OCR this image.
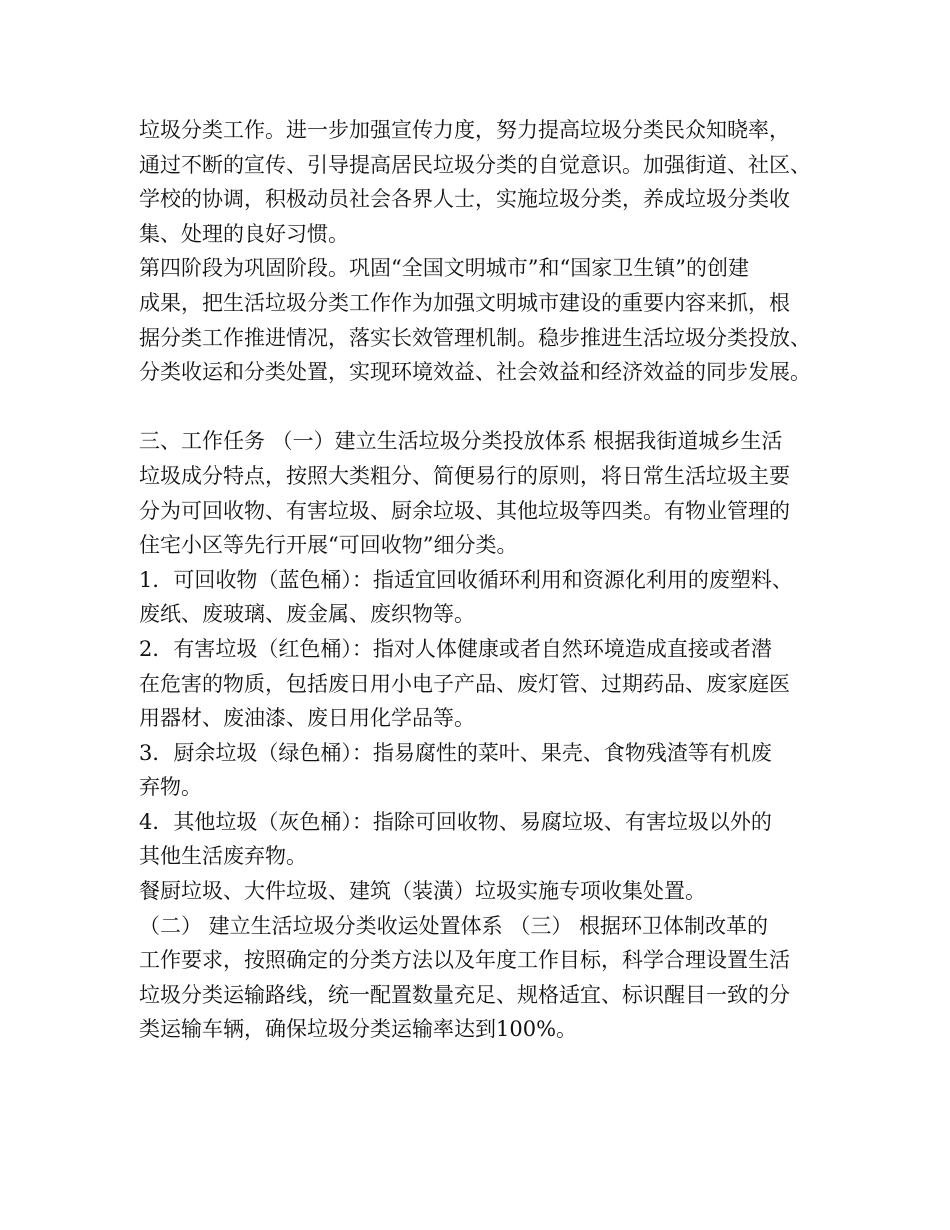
垃圾分类工作。进一步加强宣传力度，努力提高垃圾分类民众知晓率，
通过不断的宣传、引导提高居民垃圾分类的自觉意识。加强街道、社区、
学校的协调，积极动员社会各界人士，实施垃圾分类，养成垃圾分类收
集、处理的良好习惯。
第四阶段为巩固阶段。巩固“全国文明城市”和“国家卫生镇”的创建
成果，把生活垃圾分类工作作为加强文明城市建设的重要内容来抓，根
据分类工作推进情况，落实长效管理机制。稳步推进生活垃圾分类投放、
分类收运和分类处置，实现环境效益、社会效益和经济效益的同步发展。
三、工作任务 （一）建立生活垃圾分类投放体系 根据我街道城乡生活
垃圾成分特点，按照大类粗分、简便易行的原则，将日常生活垃圾主要
分为可回收物、有害垃圾、厨余垃圾、其他垃圾等四类。有物业管理的
住宅小区等先行开展“可回收物”细分类。
1．可回收物（蓝色桶）：指适宜回收循环利用和资源化利用的废塑料、
废纸、废玻璃、废金属、废织物等。
2．有害垃圾（红色桶）：指对人体健康或者自然环境造成直接或者潜
在危害的物质，包括废日用小电子产品、废灯管、过期药品、废家庭医
用器材、废油漆、废日用化学品等。
3．厨余垃圾（绿色桶）：指易腐性的菜叶、果壳、食物残渣等有机废
弃物。
4．其他垃圾（灰色桶）：指除可回收物、易腐垃圾、有害垃圾以外的
其他生活废弃物。
餐厨垃圾、大件垃圾、建筑（装潢）垃圾实施专项收集处置。
（二） 建立生活垃圾分类收运处置体系 （三） 根据环卫体制改革的
工作要求，按照确定的分类方法以及年度工作目标，科学合理设置生活
垃圾分类运输路线，统一配置数量充足、规格适宜、标识醒目一致的分
类运输车辆，确保垃圾分类运输率达到100%。
